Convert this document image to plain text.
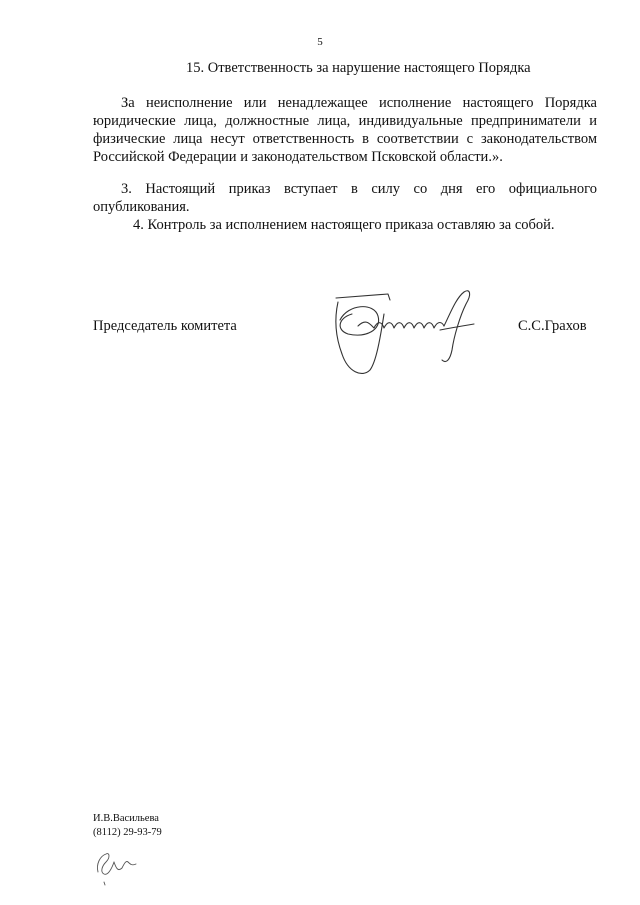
5
15. Ответственность за нарушение настоящего Порядка

За неисполнение или ненадлежащее исполнение настоящего Порядка юридические лица, должностные лица, индивидуальные предприниматели и физические лица несут ответственность в соответствии с законодательством Российской Федерации и законодательством Псковской области.».

3. Настоящий приказ вступает в силу со дня его официального опубликования.

4. Контроль за исполнением настоящего приказа оставляю за собой.

Председатель комитета	С.С.Грахов
И.В.Васильева
(8112) 29-93-79
